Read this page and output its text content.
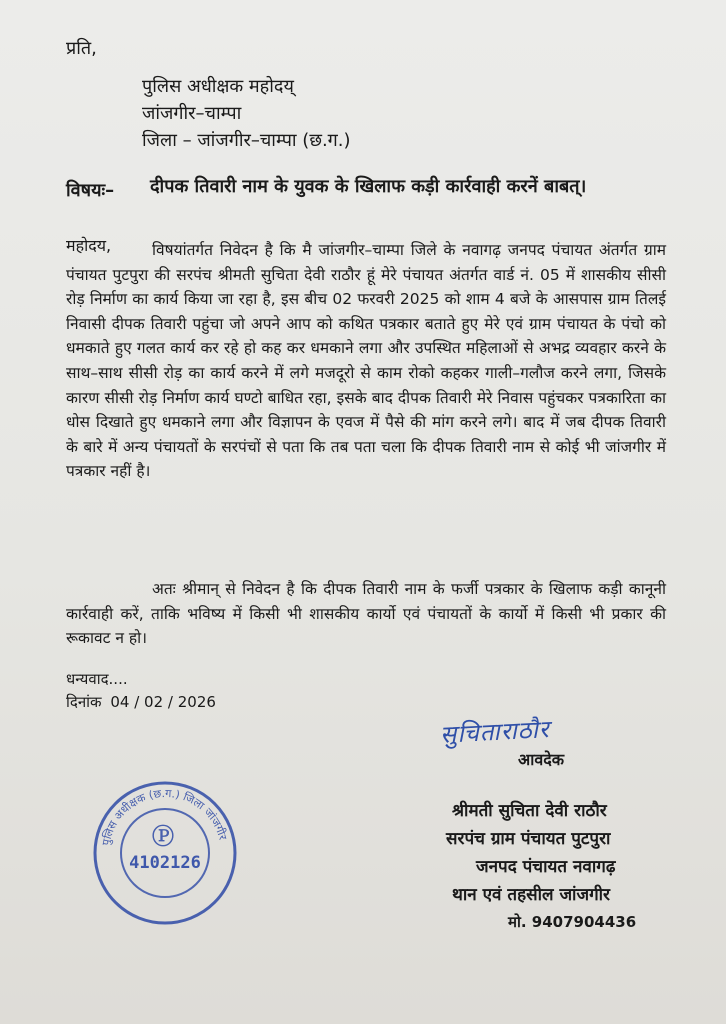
प्रति,
पुलिस अधीक्षक महोदय्
जांजगीर–चाम्पा
जिला – जांजगीर–चाम्पा (छ.ग.)
विषयः– दीपक तिवारी नाम के युवक के खिलाफ कड़ी कार्रवाही करनें बाबत्।
महोदय,	विषयांतर्गत निवेदन है कि मै जांजगीर–चाम्पा जिले के नवागढ़ जनपद पंचायत अंतर्गत ग्राम पंचायत पुटपुरा की सरपंच श्रीमती सुचिता देवी राठौर हूं मेरे पंचायत अंतर्गत वार्ड नं. 05 में शासकीय सीसी रोड़ निर्माण का कार्य किया जा रहा है, इस बीच 02 फरवरी 2025 को शाम 4 बजे के आसपास ग्राम तिलई निवासी दीपक तिवारी पहुंचा जो अपने आप को कथित पत्रकार बताते हुए मेरे एवं ग्राम पंचायत के पंचो को धमकाते हुए गलत कार्य कर रहे हो कह कर धमकाने लगा और उपस्थित महिलाओं से अभद्र व्यवहार करने के साथ–साथ सीसी रोड़ का कार्य करने में लगे मजदूरो से काम रोको कहकर गाली–गलौज करने लगा, जिसके कारण सीसी रोड़ निर्माण कार्य घण्टो बाधित रहा, इसके बाद दीपक तिवारी मेरे निवास पहुंचकर पत्रकारिता का धोस दिखाते हुए धमकाने लगा और विज्ञापन के एवज में पैसे की मांग करने लगे। बाद में जब दीपक तिवारी के बारे में अन्य पंचायतों के सरपंचों से पता कि तब पता चला कि दीपक तिवारी नाम से कोई भी जांजगीर में पत्रकार नहीं है।

अतः श्रीमान् से निवेदन है कि दीपक तिवारी नाम के फर्जी पत्रकार के खिलाफ कड़ी कानूनी कार्रवाही करें, ताकि भविष्य में किसी भी शासकीय कार्यो एवं पंचायतों के कार्यो में किसी भी प्रकार की रूकावट न हो।

धन्यवाद....
दिनांक 04 / 02 / 2026
सुचिताराठौर
आवदेक
श्रीमती सुचिता देवी राठौर
सरपंच ग्राम पंचायत पुटपुरा
जनपद पंचायत नवागढ़
थान एवं तहसील जांजगीर
मो. 9407904436
पुलिस अधीक्षक (छ.ग.) जिला जांजगीर
Ⓟ
4102126
